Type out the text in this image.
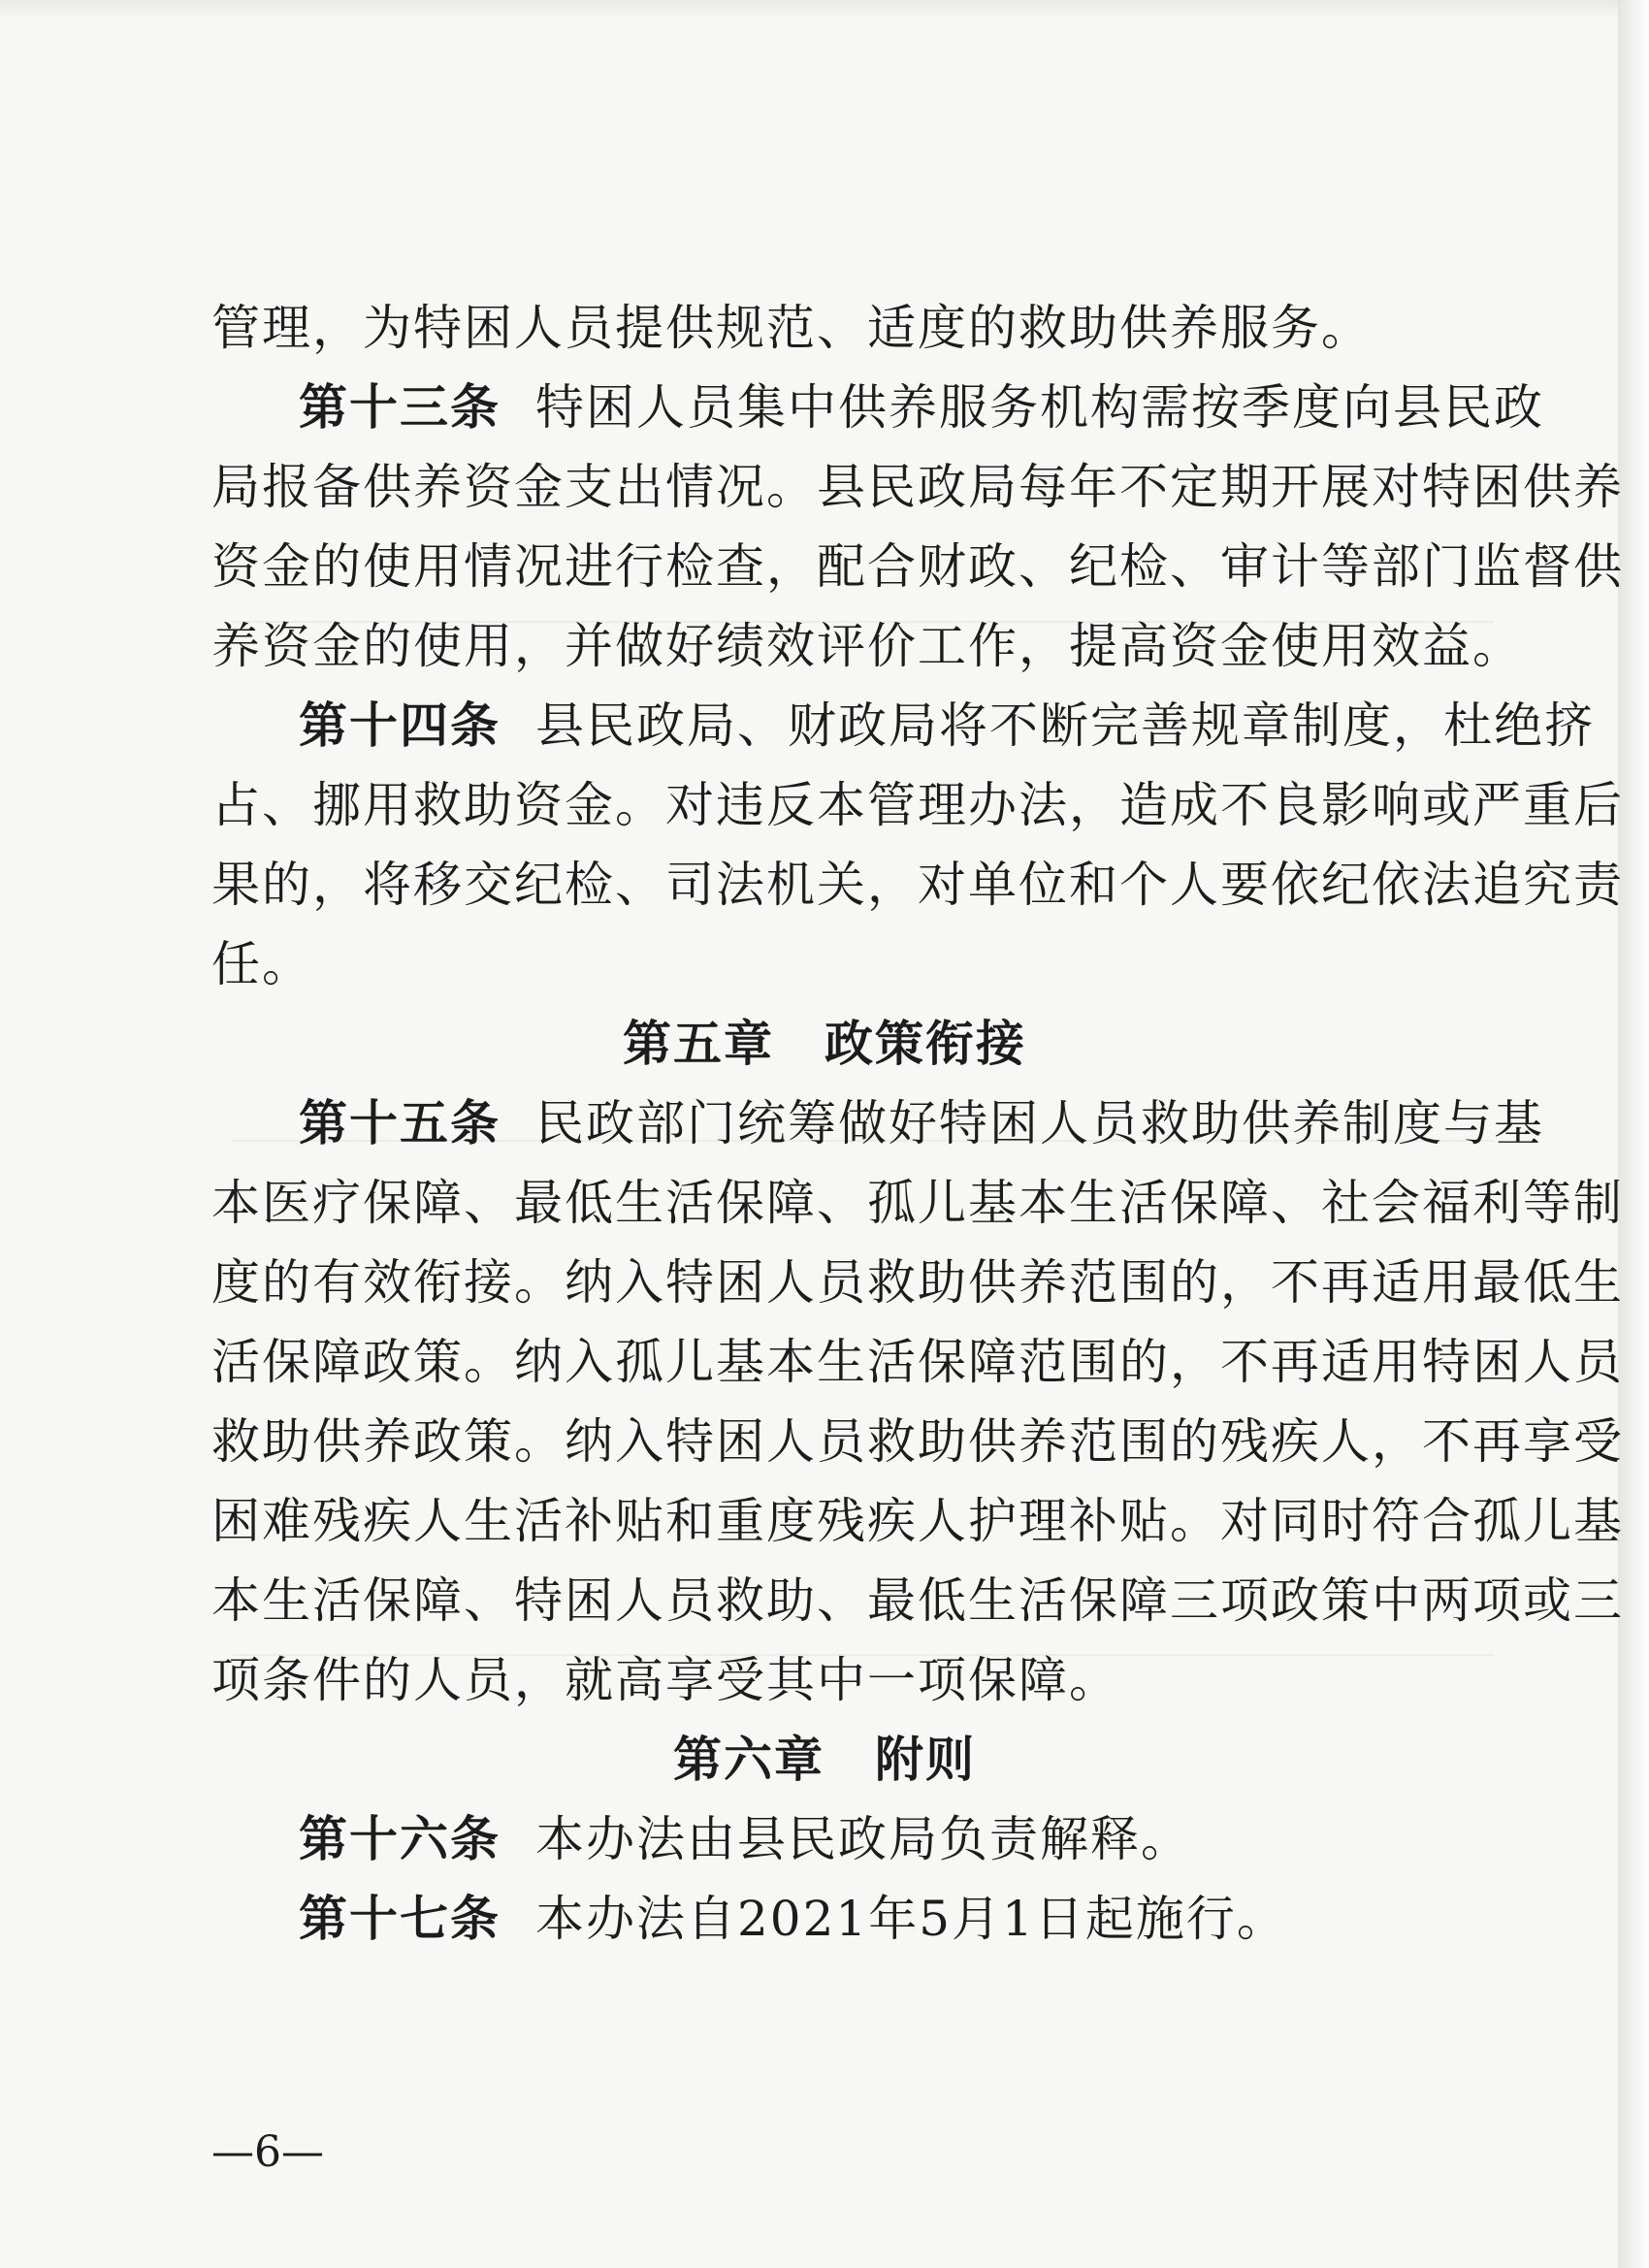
管理，为特困人员提供规范、适度的救助供养服务。
第十三条 特困人员集中供养服务机构需按季度向县民政
局报备供养资金支出情况。县民政局每年不定期开展对特困供养
资金的使用情况进行检查，配合财政、纪检、审计等部门监督供
养资金的使用，并做好绩效评价工作，提高资金使用效益。
第十四条 县民政局、财政局将不断完善规章制度，杜绝挤
占、挪用救助资金。对违反本管理办法，造成不良影响或严重后
果的，将移交纪检、司法机关，对单位和个人要依纪依法追究责
任。
第五章　政策衔接
第十五条 民政部门统筹做好特困人员救助供养制度与基
本医疗保障、最低生活保障、孤儿基本生活保障、社会福利等制
度的有效衔接。纳入特困人员救助供养范围的，不再适用最低生
活保障政策。纳入孤儿基本生活保障范围的，不再适用特困人员
救助供养政策。纳入特困人员救助供养范围的残疾人，不再享受
困难残疾人生活补贴和重度残疾人护理补贴。对同时符合孤儿基
本生活保障、特困人员救助、最低生活保障三项政策中两项或三
项条件的人员，就高享受其中一项保障。
第六章　附则
第十六条 本办法由县民政局负责解释。
第十七条 本办法自2021年5月1日起施行。
—6—
